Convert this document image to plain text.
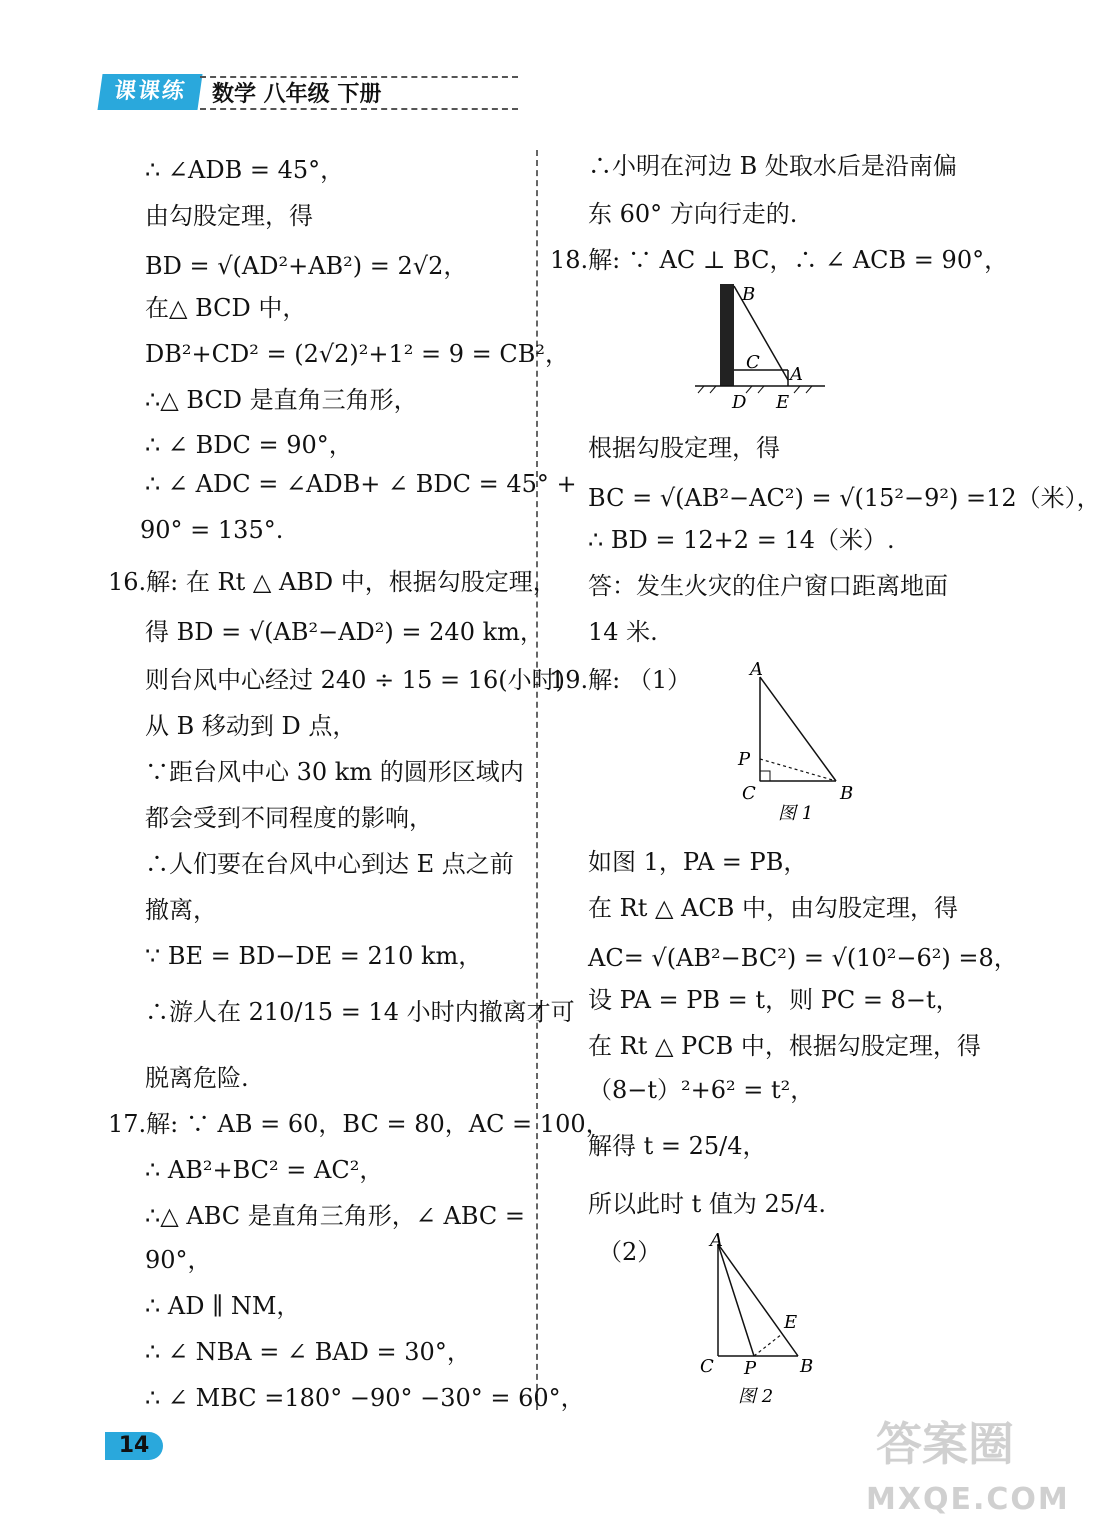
课课练	数学 八年级 下册
∴ ∠ADB = 45°，
由勾股定理，得
BD = √(AD²+AB²) = 2√2，
在△ BCD 中，
DB²+CD² = (2√2)²+1² = 9 = CB²，
∴△ BCD 是直角三角形，
∴ ∠ BDC = 90°，
∴ ∠ ADC = ∠ADB+ ∠ BDC = 45° +
90° = 135°.
16.解: 在 Rt △ ABD 中，根据勾股定理，
得 BD = √(AB²−AD²) = 240 km，
则台风中心经过 240 ÷ 15 = 16(小时)
从 B 移动到 D 点，
∵距台风中心 30 km 的圆形区域内
都会受到不同程度的影响，
∴人们要在台风中心到达 E 点之前
撤离，
∵ BE = BD−DE = 210 km，
∴游人在 210/15 = 14 小时内撤离才可
脱离危险.
17.解: ∵ AB = 60，BC = 80，AC = 100，
∴ AB²+BC² = AC²，
∴△ ABC 是直角三角形，∠ ABC =
90°，
∴ AD ∥ NM，
∴ ∠ NBA = ∠ BAD = 30°，
∴ ∠ MBC =180° −90° −30° = 60°，
∴小明在河边 B 处取水后是沿南偏
东 60° 方向行走的.
18.解: ∵ AC ⊥ BC，∴ ∠ ACB = 90°，
根据勾股定理，得
BC = √(AB²−AC²) = √(15²−9²) =12（米），
∴ BD = 12+2 = 14（米）.
答：发生火灾的住户窗口距离地面
14 米.
19.解: （1）
如图 1，PA = PB，
在 Rt △ ACB 中，由勾股定理，得
AC= √(AB²−BC²) = √(10²−6²) =8，
设 PA = PB = t，则 PC = 8−t，
在 Rt △ PCB 中，根据勾股定理，得
（8−t）²+6² = t²，
解得 t = 25/4，
所以此时 t 值为 25/4.
（2）
B
C
A
D E
A
P
C	B
图 1
A
E
C P B
图 2
14	答案圈
MXQE.COM
